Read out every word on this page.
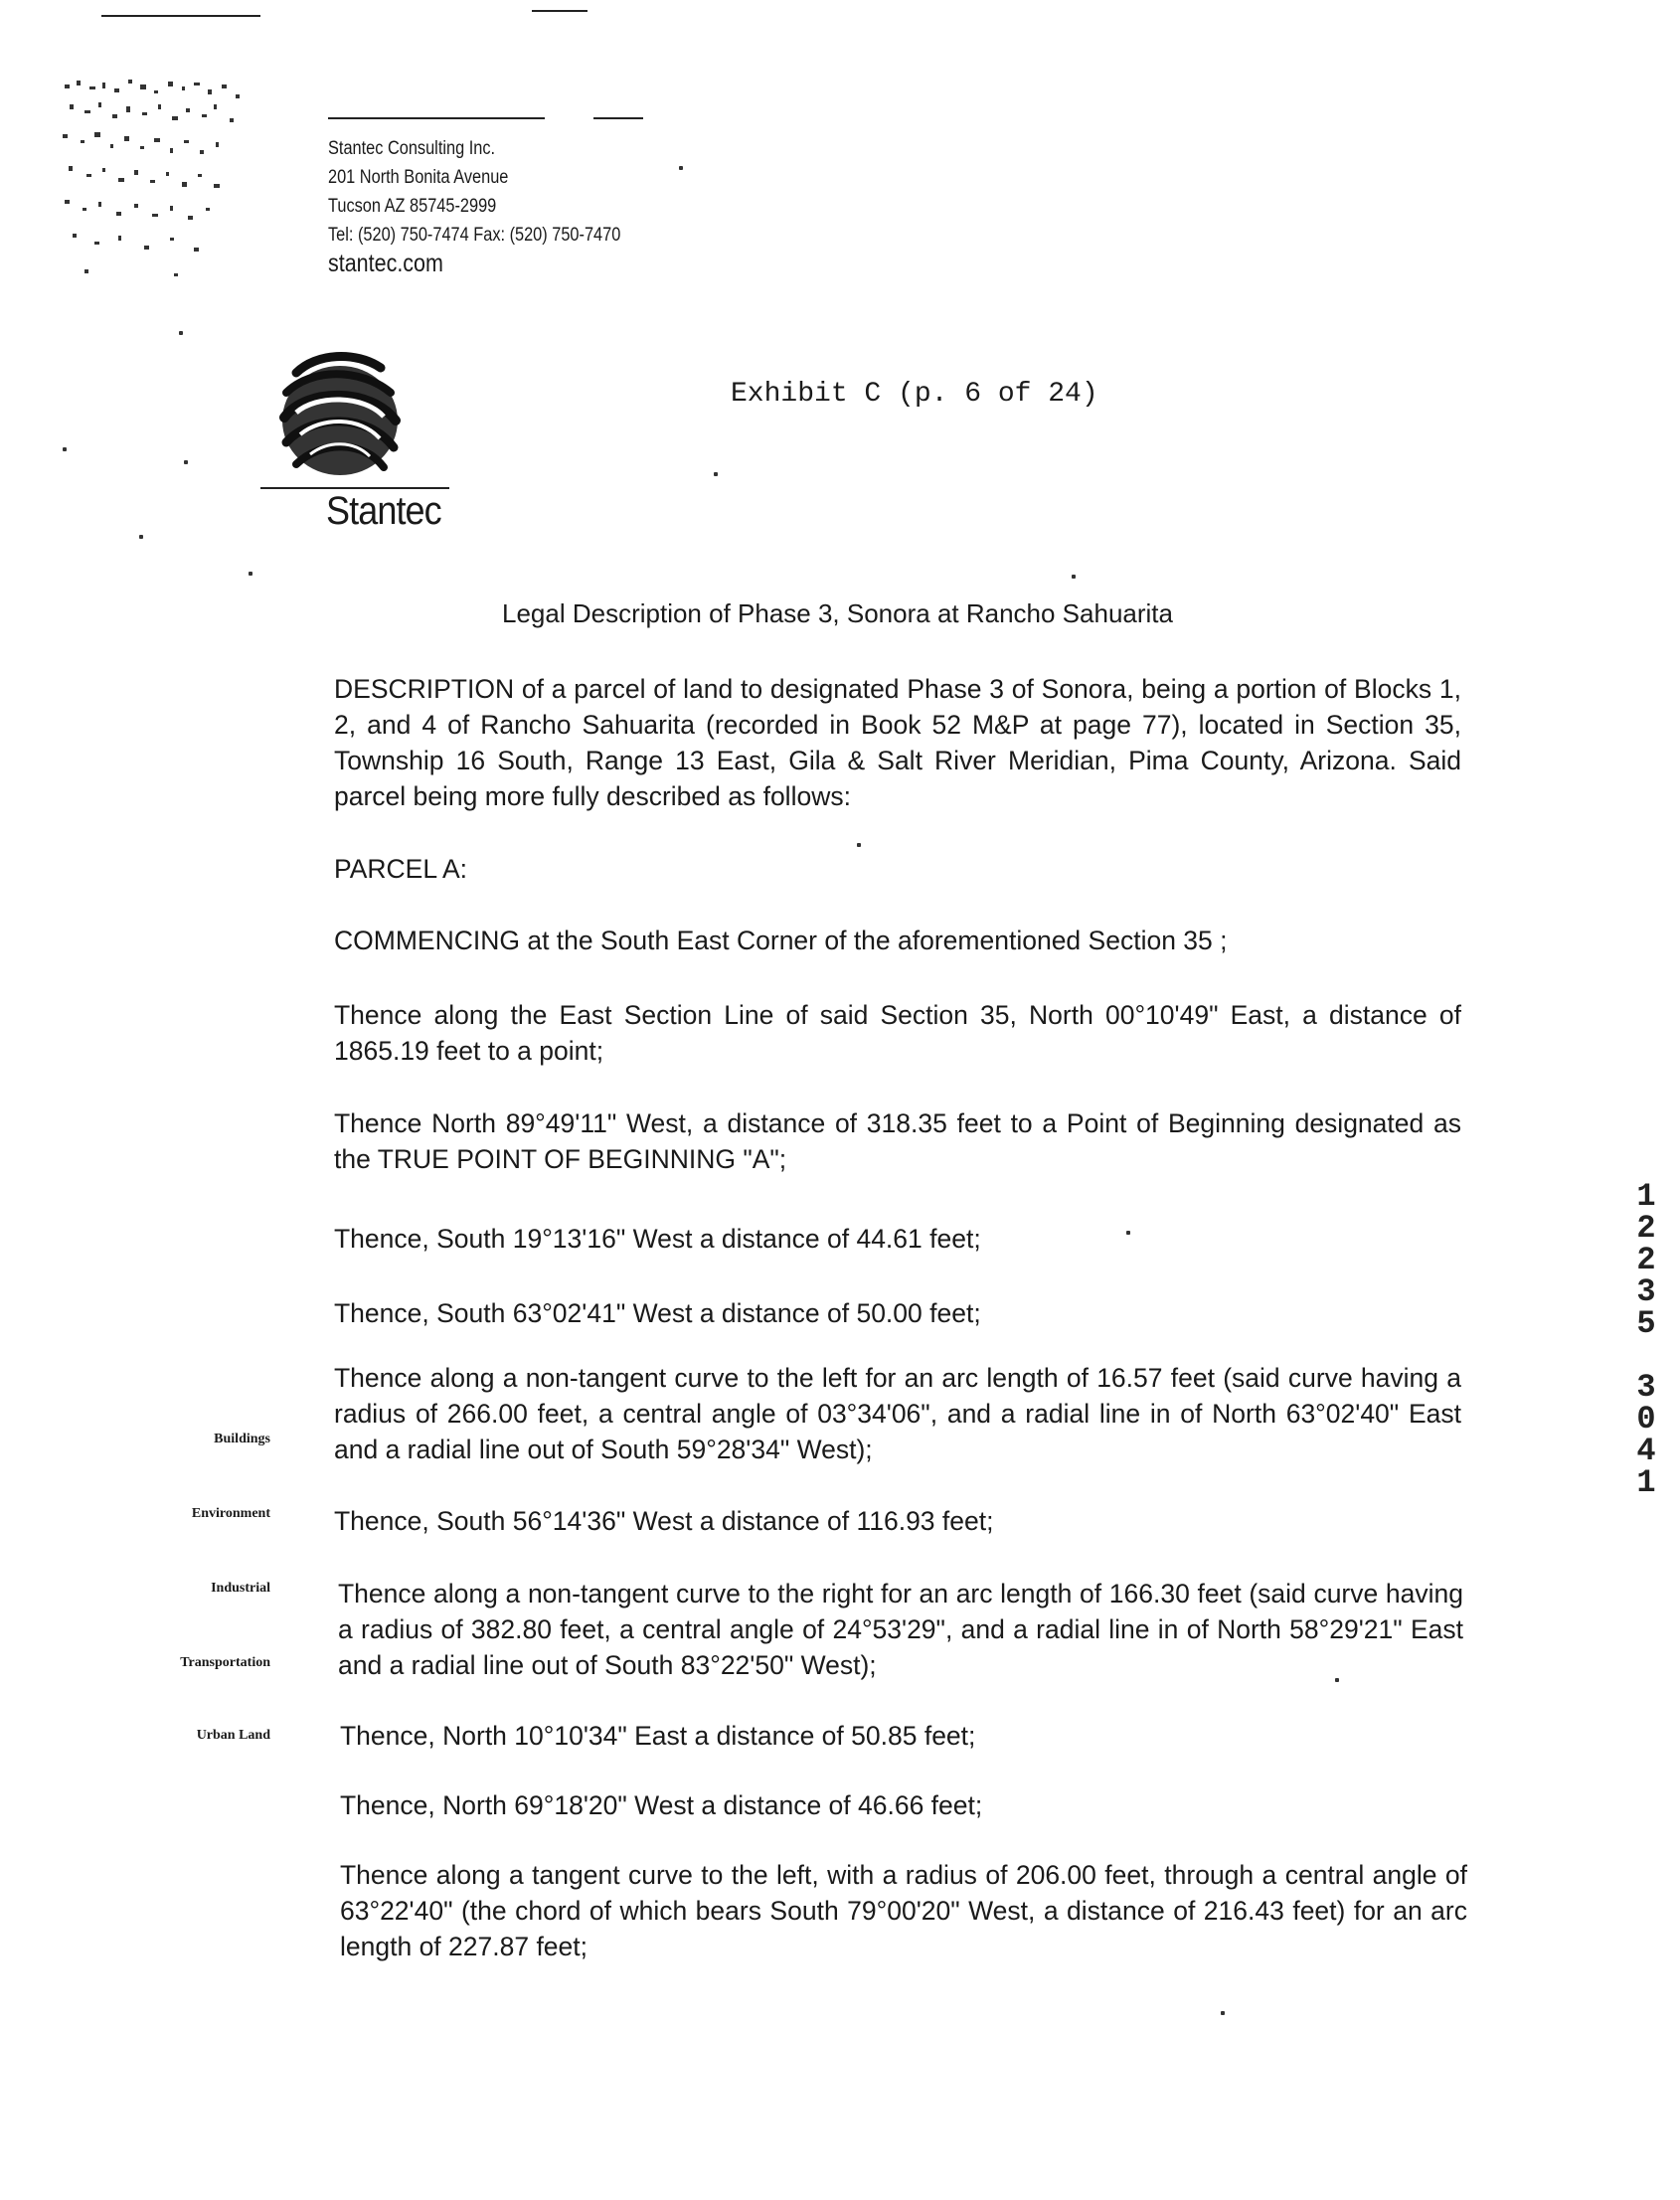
Stantec Consulting Inc.
201 North Bonita Avenue
Tucson AZ 85745-2999
Tel: (520) 750-7474 Fax: (520) 750-7470
stantec.com
Stantec
Exhibit C (p. 6 of 24)
Legal Description of Phase 3, Sonora at Rancho Sahuarita
DESCRIPTION of a parcel of land to designated Phase 3 of Sonora, being a portion of Blocks 1, 2, and 4 of Rancho Sahuarita (recorded in Book 52 M&P at page 77), located in Section 35, Township 16 South, Range 13 East, Gila & Salt River Meridian, Pima County, Arizona. Said parcel being more fully described as follows:
PARCEL A:
COMMENCING at the South East Corner of the aforementioned Section 35 ;
Thence along the East Section Line of said Section 35, North 00°10'49" East, a distance of 1865.19 feet to a point;
Thence North 89°49'11" West, a distance of 318.35 feet to a Point of Beginning designated as the TRUE POINT OF BEGINNING "A";
Thence, South 19°13'16" West a distance of 44.61 feet;
Thence, South 63°02'41" West a distance of 50.00 feet;
Thence along a non-tangent curve to the left for an arc length of 16.57 feet (said curve having a radius of 266.00 feet, a central angle of 03°34'06", and a radial line in of North 63°02'40" East and a radial line out of South 59°28'34" West);
Thence, South 56°14'36" West a distance of 116.93 feet;
Thence along a non-tangent curve to the right for an arc length of 166.30 feet (said curve having a radius of 382.80 feet, a central angle of 24°53'29", and a radial line in of North 58°29'21" East and a radial line out of South 83°22'50" West);
Thence, North 10°10'34" East a distance of 50.85 feet;
Thence, North 69°18'20" West a distance of 46.66 feet;
Thence along a tangent curve to the left, with a radius of 206.00 feet, through a central angle of 63°22'40" (the chord of which bears South 79°00'20" West, a distance of 216.43 feet) for an arc length of 227.87 feet;
Buildings
Environment
Industrial
Transportation
Urban Land
1
2
2
3
5
3
0
4
1
